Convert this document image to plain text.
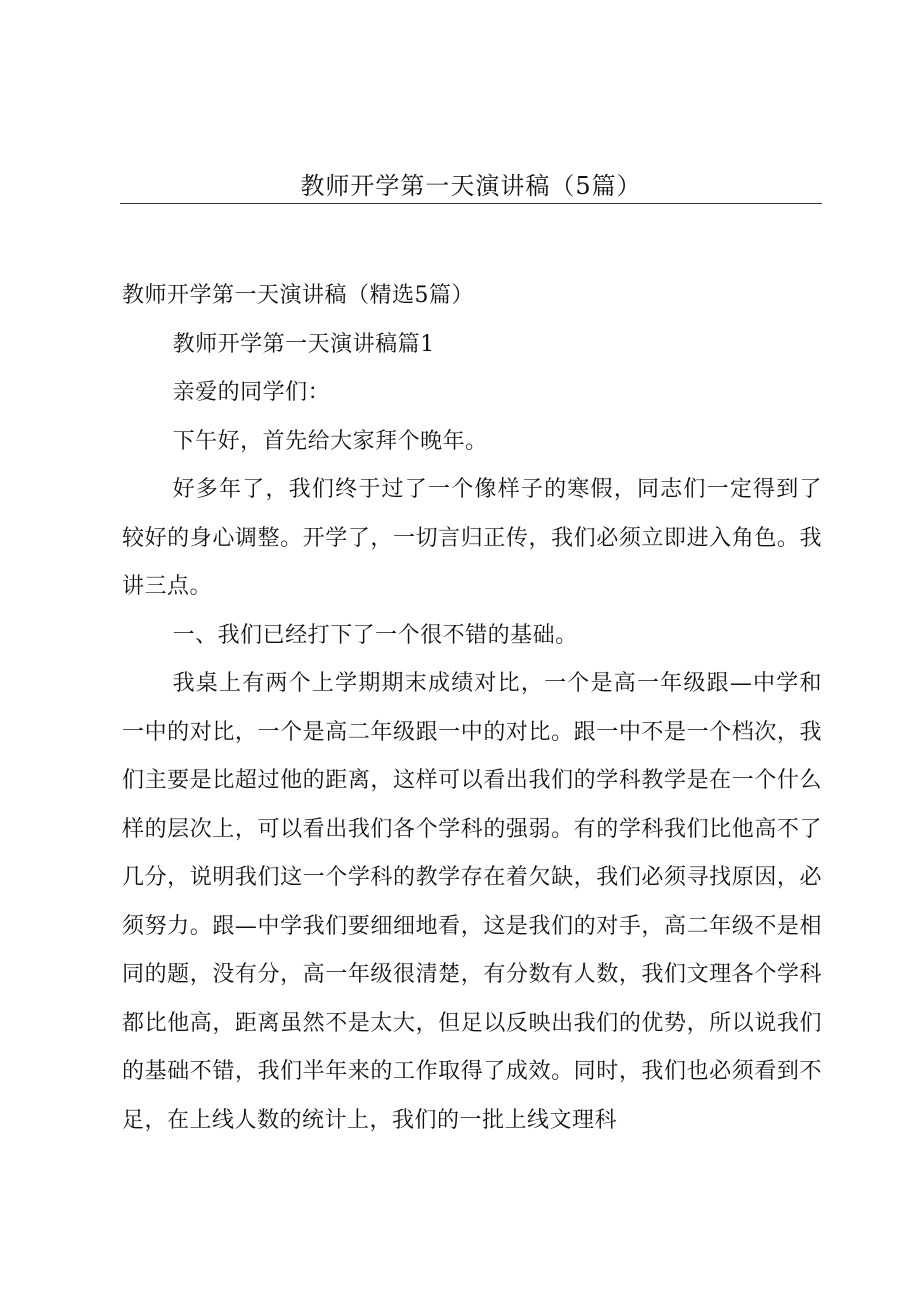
教师开学第一天演讲稿（5篇）

教师开学第一天演讲稿（精选5篇）

教师开学第一天演讲稿篇1

亲爱的同学们：

下午好，首先给大家拜个晚年。

好多年了，我们终于过了一个像样子的寒假，同志们一定得到了较好的身心调整。开学了，一切言归正传，我们必须立即进入角色。我讲三点。

一、我们已经打下了一个很不错的基础。

我桌上有两个上学期期末成绩对比，一个是高一年级跟—中学和一中的对比，一个是高二年级跟一中的对比。跟一中不是一个档次，我们主要是比超过他的距离，这样可以看出我们的学科教学是在一个什么样的层次上，可以看出我们各个学科的强弱。有的学科我们比他高不了几分，说明我们这一个学科的教学存在着欠缺，我们必须寻找原因，必须努力。跟—中学我们要细细地看，这是我们的对手，高二年级不是相同的题，没有分，高一年级很清楚，有分数有人数，我们文理各个学科都比他高，距离虽然不是太大，但足以反映出我们的优势，所以说我们的基础不错，我们半年来的工作取得了成效。同时，我们也必须看到不足，在上线人数的统计上，我们的一批上线文理科
